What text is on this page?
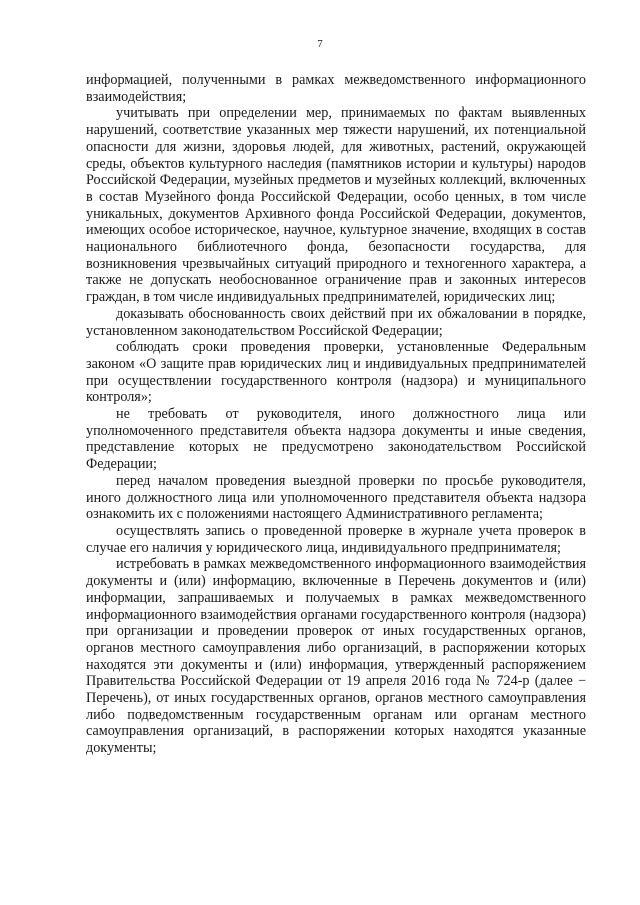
7

информацией, полученными в рамках межведомственного информационного взаимодействия;

учитывать при определении мер, принимаемых по фактам выявленных нарушений, соответствие указанных мер тяжести нарушений, их потенциальной опасности для жизни, здоровья людей, для животных, растений, окружающей среды, объектов культурного наследия (памятников истории и культуры) народов Российской Федерации, музейных предметов и музейных коллекций, включенных в состав Музейного фонда Российской Федерации, особо ценных, в том числе уникальных, документов Архивного фонда Российской Федерации, документов, имеющих особое историческое, научное, культурное значение, входящих в состав национального библиотечного фонда, безопасности государства, для возникновения чрезвычайных ситуаций природного и техногенного характера, а также не допускать необоснованное ограничение прав и законных интересов граждан, в том числе индивидуальных предпринимателей, юридических лиц;

доказывать обоснованность своих действий при их обжаловании в порядке, установленном законодательством Российской Федерации;

соблюдать сроки проведения проверки, установленные Федеральным законом «О защите прав юридических лиц и индивидуальных предпринимателей при осуществлении государственного контроля (надзора) и муниципального контроля»;

не требовать от руководителя, иного должностного лица или уполномоченного представителя объекта надзора документы и иные сведения, представление которых не предусмотрено законодательством Российской Федерации;

перед началом проведения выездной проверки по просьбе руководителя, иного должностного лица или уполномоченного представителя объекта надзора ознакомить их с положениями настоящего Административного регламента;

осуществлять запись о проведенной проверке в журнале учета проверок в случае его наличия у юридического лица, индивидуального предпринимателя;

истребовать в рамках межведомственного информационного взаимодействия документы и (или) информацию, включенные в Перечень документов и (или) информации, запрашиваемых и получаемых в рамках межведомственного информационного взаимодействия органами государственного контроля (надзора) при организации и проведении проверок от иных государственных органов, органов местного самоуправления либо организаций, в распоряжении которых находятся эти документы и (или) информация, утвержденный распоряжением Правительства Российской Федерации от 19 апреля 2016 года № 724-р (далее − Перечень), от иных государственных органов, органов местного самоуправления либо подведомственным государственным органам или органам местного самоуправления организаций, в распоряжении которых находятся указанные документы;
